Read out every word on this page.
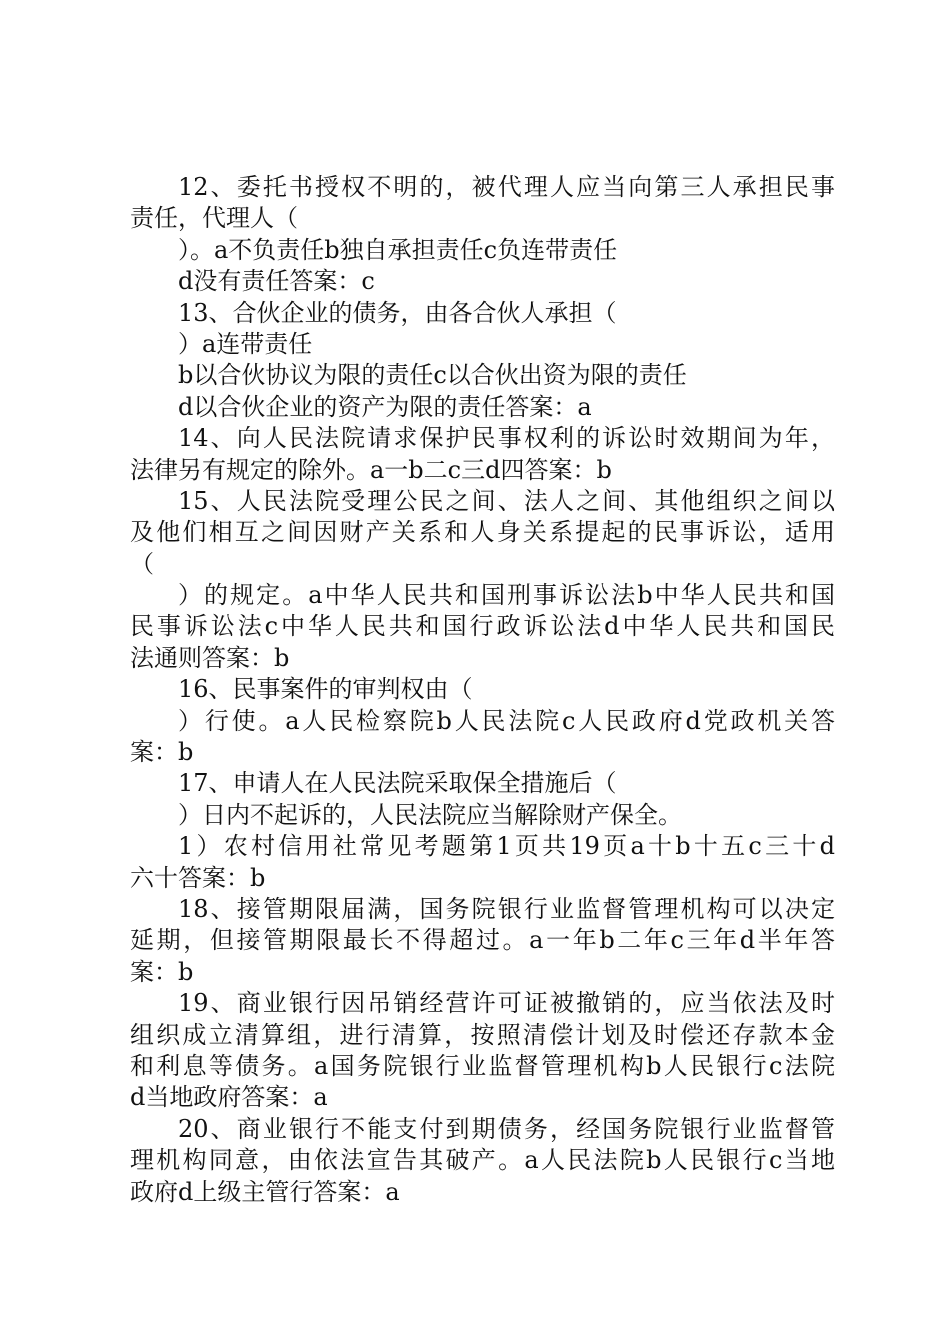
12、委托书授权不明的，被代理人应当向第三人承担民事
责任，代理人（
）。a不负责任b独自承担责任c负连带责任
d没有责任答案：c
13、合伙企业的债务，由各合伙人承担（
）a连带责任
b以合伙协议为限的责任c以合伙出资为限的责任
d以合伙企业的资产为限的责任答案：a
14、向人民法院请求保护民事权利的诉讼时效期间为年，
法律另有规定的除外。a一b二c三d四答案：b
15、人民法院受理公民之间、法人之间、其他组织之间以
及他们相互之间因财产关系和人身关系提起的民事诉讼，适用
（
）的规定。a中华人民共和国刑事诉讼法b中华人民共和国
民事诉讼法c中华人民共和国行政诉讼法d中华人民共和国民
法通则答案：b
16、民事案件的审判权由（
）行使。a人民检察院b人民法院c人民政府d党政机关答
案：b
17、申请人在人民法院采取保全措施后（
）日内不起诉的，人民法院应当解除财产保全。
1）农村信用社常见考题第1页共19页a十b十五c三十d
六十答案：b
18、接管期限届满，国务院银行业监督管理机构可以决定
延期，但接管期限最长不得超过。a一年b二年c三年d半年答
案：b
19、商业银行因吊销经营许可证被撤销的，应当依法及时
组织成立清算组，进行清算，按照清偿计划及时偿还存款本金
和利息等债务。a国务院银行业监督管理机构b人民银行c法院
d当地政府答案：a
20、商业银行不能支付到期债务，经国务院银行业监督管
理机构同意，由依法宣告其破产。a人民法院b人民银行c当地
政府d上级主管行答案：a
